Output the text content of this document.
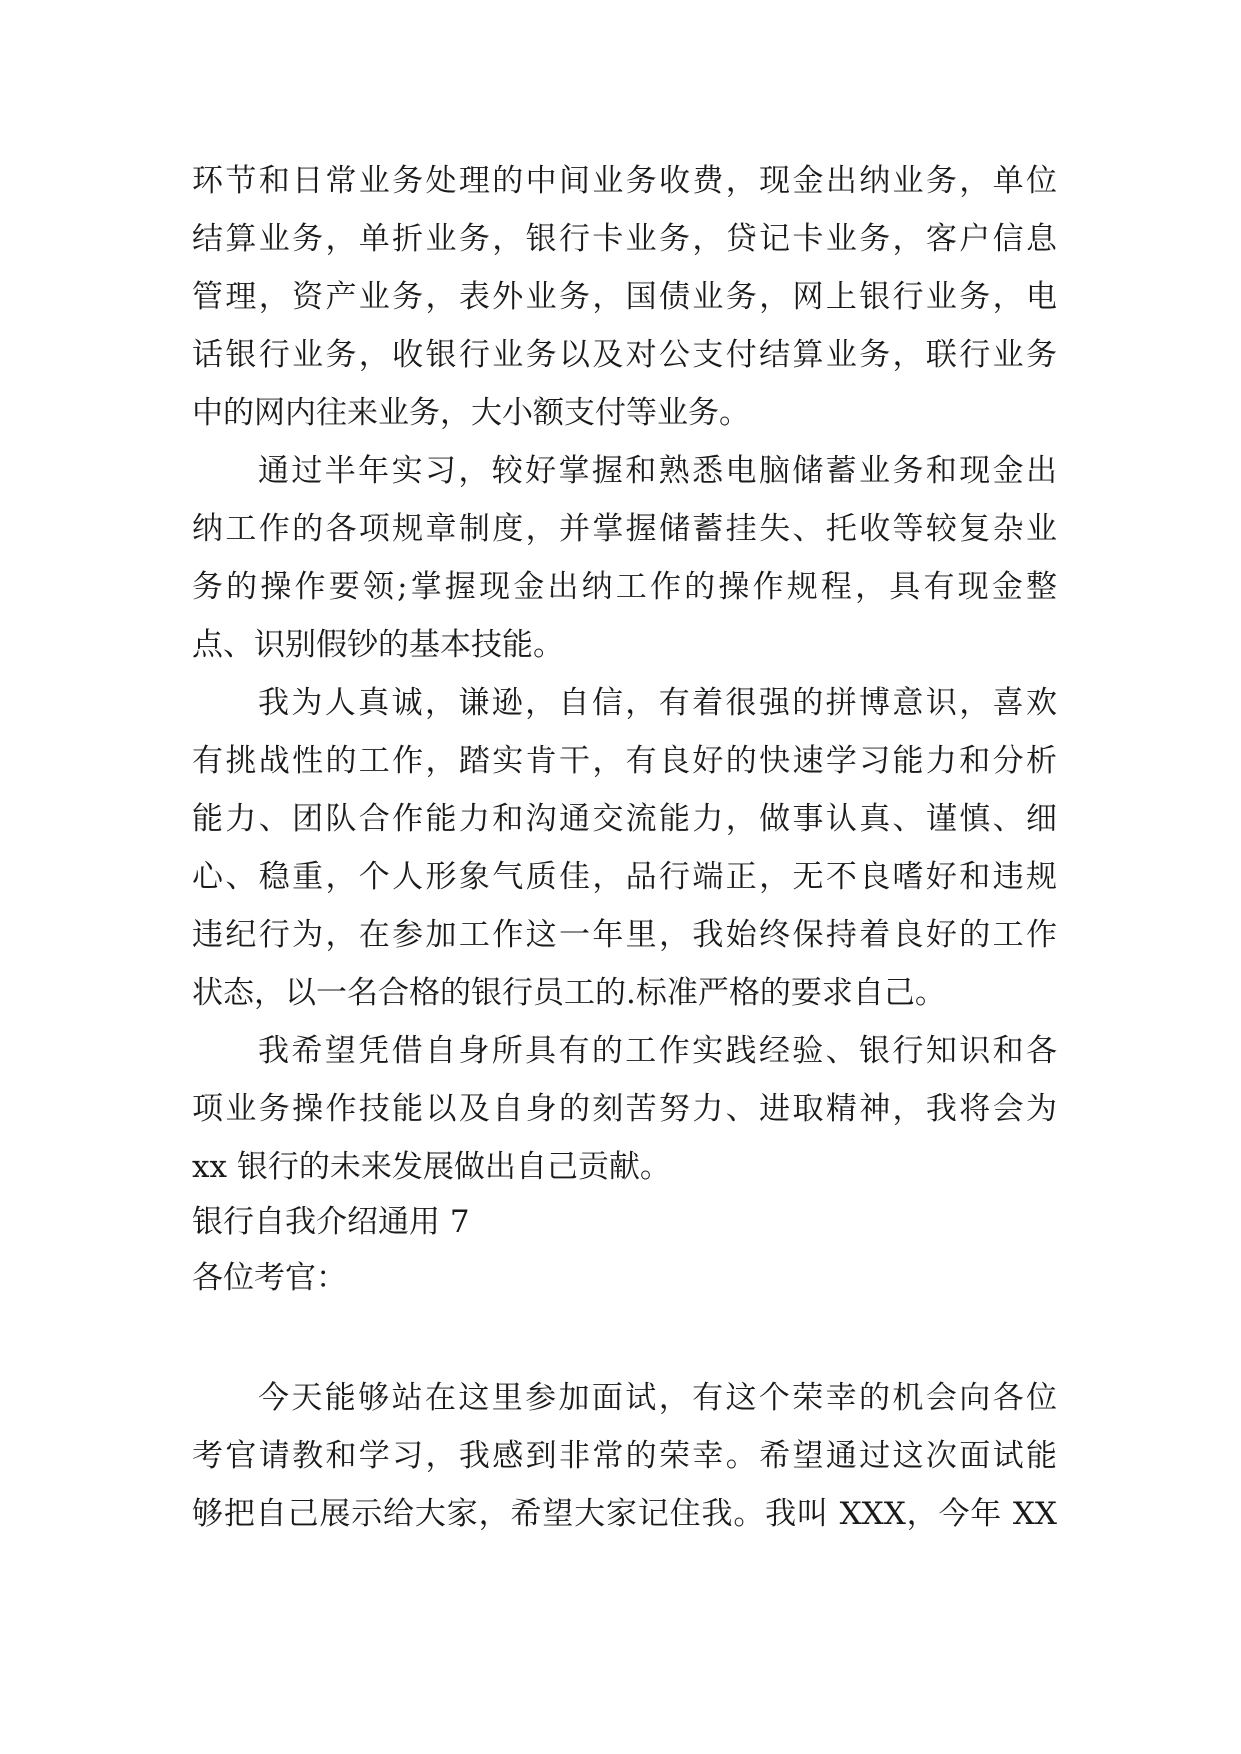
环节和日常业务处理的中间业务收费，现金出纳业务，单位
结算业务，单折业务，银行卡业务，贷记卡业务，客户信息
管理，资产业务，表外业务，国债业务，网上银行业务，电
话银行业务，收银行业务以及对公支付结算业务，联行业务
中的网内往来业务，大小额支付等业务。
通过半年实习，较好掌握和熟悉电脑储蓄业务和现金出
纳工作的各项规章制度，并掌握储蓄挂失、托收等较复杂业
务的操作要领;掌握现金出纳工作的操作规程，具有现金整
点、识别假钞的基本技能。
我为人真诚，谦逊，自信，有着很强的拼博意识，喜欢
有挑战性的工作，踏实肯干，有良好的快速学习能力和分析
能力、团队合作能力和沟通交流能力，做事认真、谨慎、细
心、稳重，个人形象气质佳，品行端正，无不良嗜好和违规
违纪行为，在参加工作这一年里，我始终保持着良好的工作
状态，以一名合格的银行员工的.标准严格的要求自己。
我希望凭借自身所具有的工作实践经验、银行知识和各
项业务操作技能以及自身的刻苦努力、进取精神，我将会为
xx 银行的未来发展做出自己贡献。
银行自我介绍通用 7
各位考官：
今天能够站在这里参加面试，有这个荣幸的机会向各位
考官请教和学习，我感到非常的荣幸。希望通过这次面试能
够把自己展示给大家，希望大家记住我。我叫 XXX，今年 XX
